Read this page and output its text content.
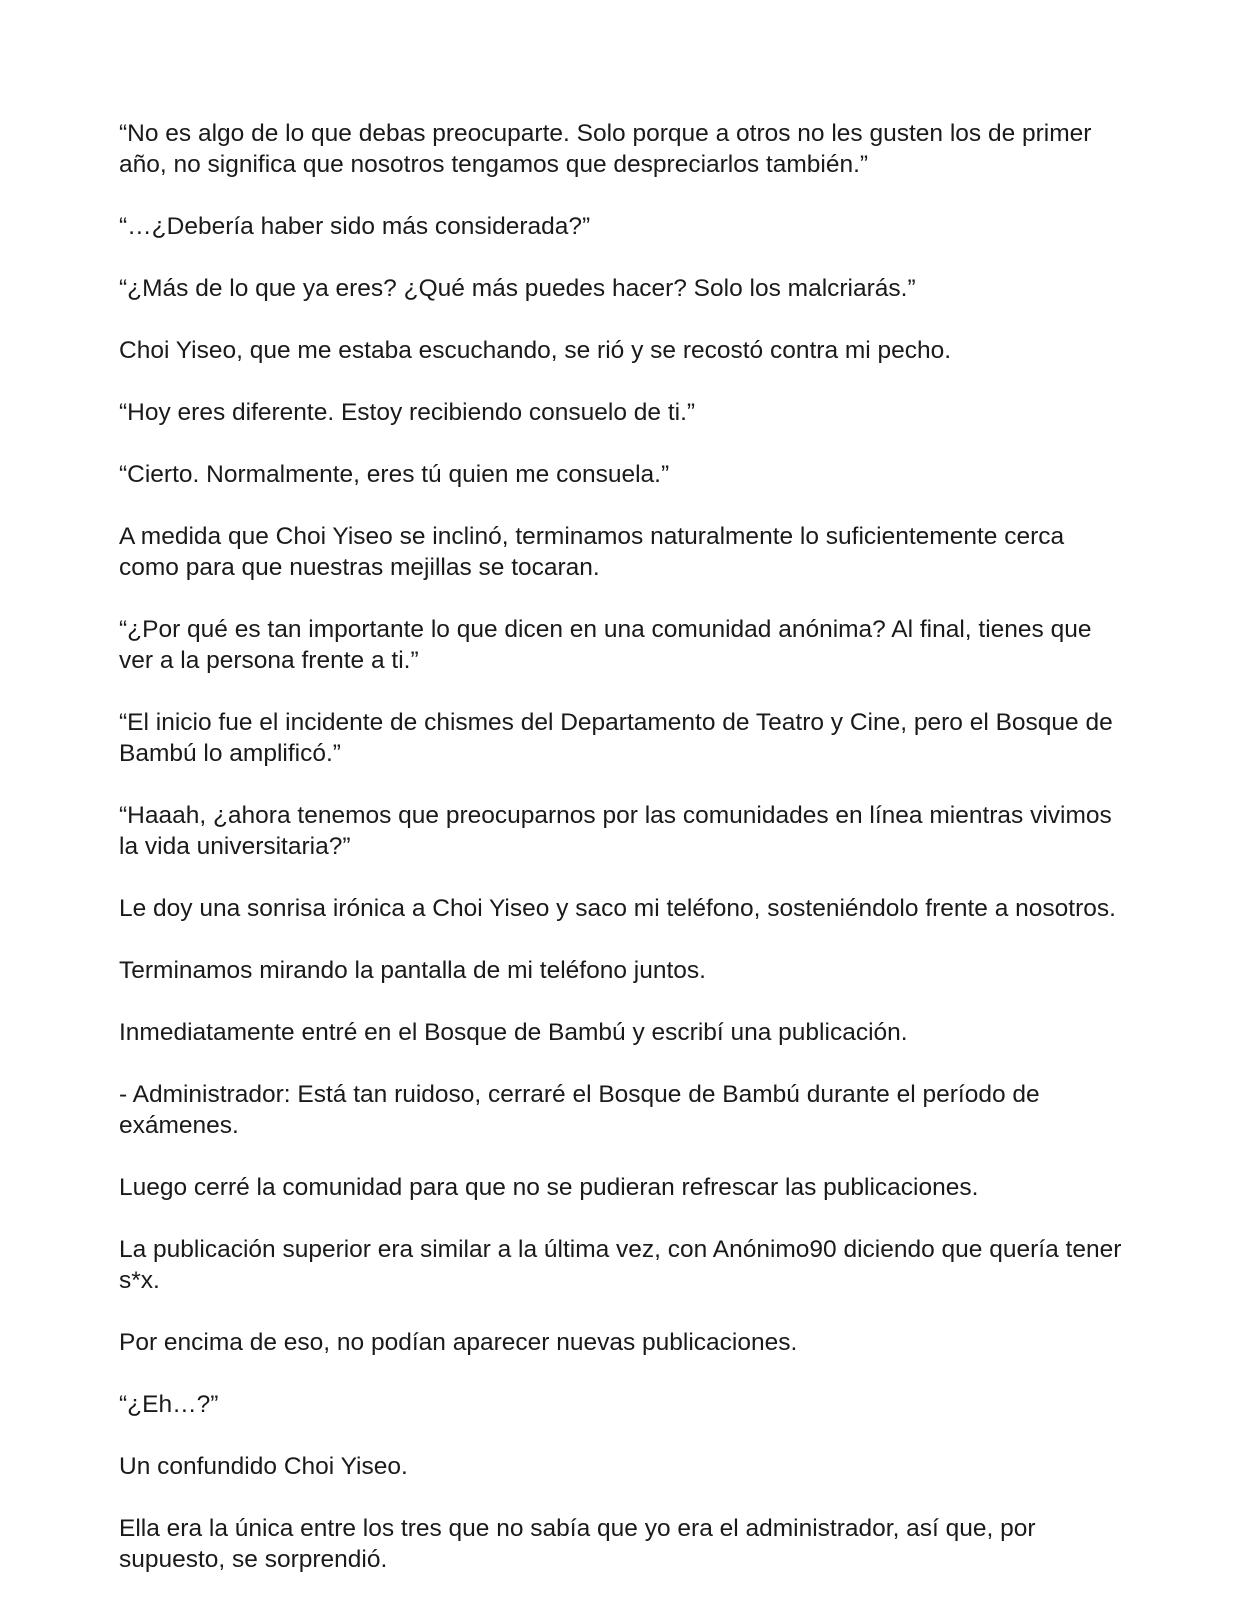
“No es algo de lo que debas preocuparte. Solo porque a otros no les gusten los de primer año, no significa que nosotros tengamos que despreciarlos también.”

“…¿Debería haber sido más considerada?”

“¿Más de lo que ya eres? ¿Qué más puedes hacer? Solo los malcriarás.”

Choi Yiseo, que me estaba escuchando, se rió y se recostó contra mi pecho.

“Hoy eres diferente. Estoy recibiendo consuelo de ti.”

“Cierto. Normalmente, eres tú quien me consuela.”

A medida que Choi Yiseo se inclinó, terminamos naturalmente lo suficientemente cerca como para que nuestras mejillas se tocaran.

“¿Por qué es tan importante lo que dicen en una comunidad anónima? Al final, tienes que ver a la persona frente a ti.”

“El inicio fue el incidente de chismes del Departamento de Teatro y Cine, pero el Bosque de Bambú lo amplificó.”

“Haaah, ¿ahora tenemos que preocuparnos por las comunidades en línea mientras vivimos la vida universitaria?”

Le doy una sonrisa irónica a Choi Yiseo y saco mi teléfono, sosteniéndolo frente a nosotros.

Terminamos mirando la pantalla de mi teléfono juntos.

Inmediatamente entré en el Bosque de Bambú y escribí una publicación.

- Administrador: Está tan ruidoso, cerraré el Bosque de Bambú durante el período de exámenes.

Luego cerré la comunidad para que no se pudieran refrescar las publicaciones.

La publicación superior era similar a la última vez, con Anónimo90 diciendo que quería tener s*x.

Por encima de eso, no podían aparecer nuevas publicaciones.

“¿Eh…?”

Un confundido Choi Yiseo.

Ella era la única entre los tres que no sabía que yo era el administrador, así que, por supuesto, se sorprendió.
